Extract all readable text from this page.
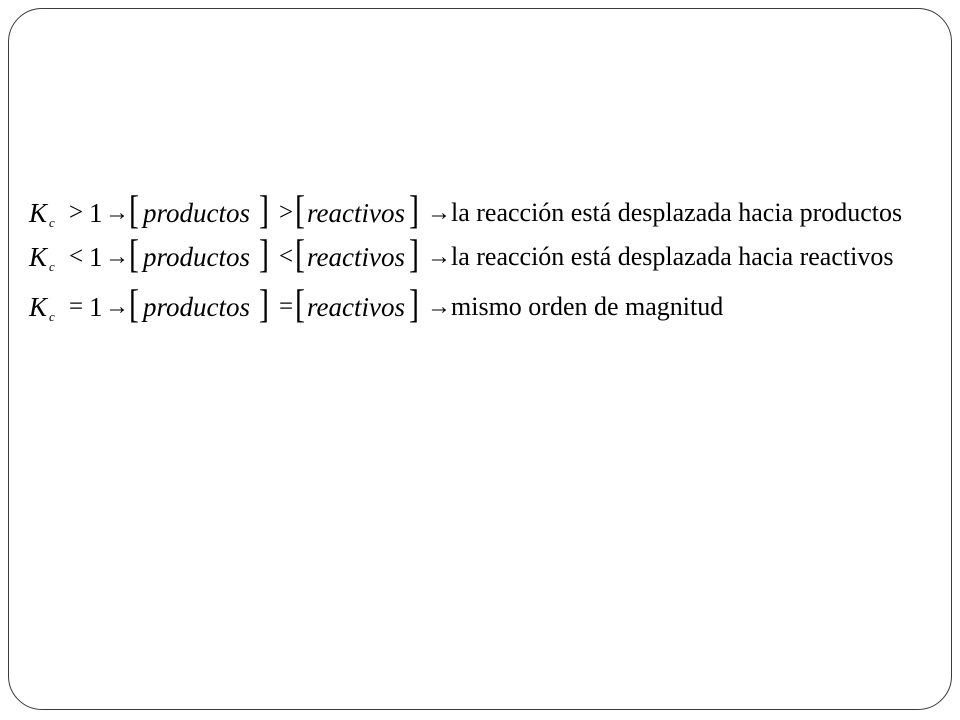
K c > 1 → [ productos ] > [ reactivos ] → la reacción está desplazada hacia productos
K c < 1 → [ productos ] < [ reactivos ] → la reacción está desplazada hacia reactivos
K c = 1 → [ productos ] = [ reactivos ] → mismo orden de magnitud
